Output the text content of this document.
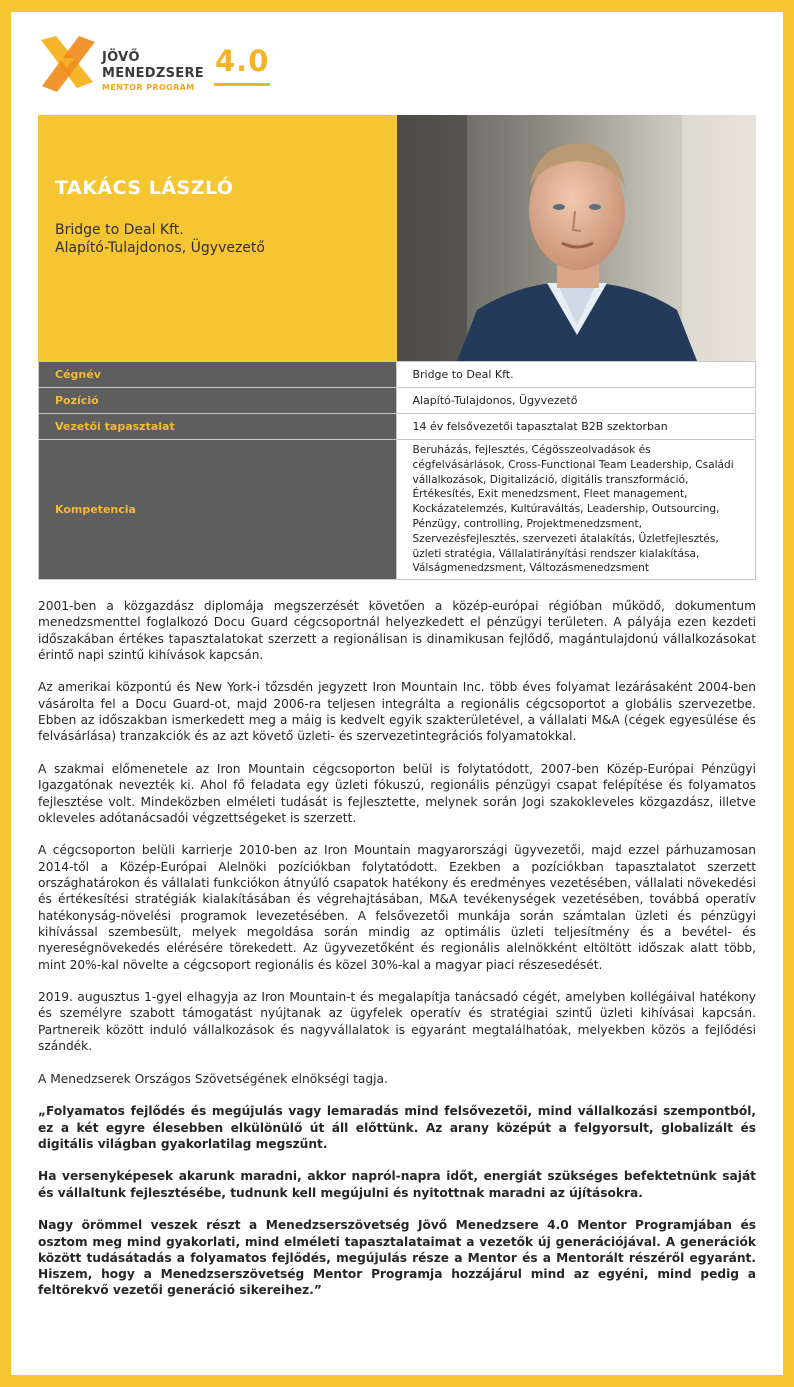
JÖVŐ
MENEDZSERE
MENTOR PROGRAM
4.0
TAKÁCS LÁSZLÓ
Bridge to Deal Kft.
Alapító-Tulajdonos, Ügyvezető
Cégnév	Bridge to Deal Kft.
Pozíció	Alapító-Tulajdonos, Ügyvezető
Vezetői tapasztalat	14 év felsővezetői tapasztalat B2B szektorban
Kompetencia	Beruházás, fejlesztés, Cégösszeolvadások és cégfelvásárlások, Cross-Functional Team Leadership, Családi vállalkozások, Digitalizáció, digitális transzformáció, Értékesítés, Exit menedzsment, Fleet management, Kockázatelemzés, Kultúraváltás, Leadership, Outsourcing, Pénzügy, controlling, Projektmenedzsment, Szervezésfejlesztés, szervezeti átalakítás, Üzletfejlesztés, üzleti stratégia, Vállalatirányítási rendszer kialakítása, Válságmenedzsment, Változásmenedzsment

2001-ben a közgazdász diplomája megszerzését követően a közép-európai régióban működő, dokumentum menedzsmenttel foglalkozó Docu Guard cégcsoportnál helyezkedett el pénzügyi területen. A pályája ezen kezdeti időszakában értékes tapasztalatokat szerzett a regionálisan is dinamikusan fejlődő, magántulajdonú vállalkozásokat érintő napi szintű kihívások kapcsán.

Az amerikai központú és New York-i tőzsdén jegyzett Iron Mountain Inc. több éves folyamat lezárásaként 2004-ben vásárolta fel a Docu Guard-ot, majd 2006-ra teljesen integrálta a regionális cégcsoportot a globális szervezetbe. Ebben az időszakban ismerkedett meg a máig is kedvelt egyik szakterületével, a vállalati M&A (cégek egyesülése és felvásárlása) tranzakciók és az azt követő üzleti- és szervezetintegrációs folyamatokkal.

A szakmai előmenetele az Iron Mountain cégcsoporton belül is folytatódott, 2007-ben Közép-Európai Pénzügyi Igazgatónak nevezték ki. Ahol fő feladata egy üzleti fókuszú, regionális pénzügyi csapat felépítése és folyamatos fejlesztése volt. Mindeközben elméleti tudását is fejlesztette, melynek során Jogi szakokleveles közgazdász, illetve okleveles adótanácsadói végzettségeket is szerzett.

A cégcsoporton belüli karrierje 2010-ben az Iron Mountain magyarországi ügyvezetői, majd ezzel párhuzamosan 2014-től a Közép-Európai Alelnöki pozíciókban folytatódott. Ezekben a pozíciókban tapasztalatot szerzett országhatárokon és vállalati funkciókon átnyúló csapatok hatékony és eredményes vezetésében, vállalati növekedési és értékesítési stratégiák kialakításában és végrehajtásában, M&A tevékenységek vezetésében, továbbá operatív hatékonyság-növelési programok levezetésében. A felsővezetői munkája során számtalan üzleti és pénzügyi kihívással szembesült, melyek megoldása során mindig az optimális üzleti teljesítmény és a bevétel- és nyereségnövekedés elérésére törekedett. Az ügyvezetőként és regionális alelnökként eltöltött időszak alatt több, mint 20%-kal növelte a cégcsoport regionális és közel 30%-kal a magyar piaci részesedését.

2019. augusztus 1-gyel elhagyja az Iron Mountain-t és megalapítja tanácsadó cégét, amelyben kollégáival hatékony és személyre szabott támogatást nyújtanak az ügyfelek operatív és stratégiai szintű üzleti kihívásai kapcsán. Partnereik között induló vállalkozások és nagyvállalatok is egyaránt megtalálhatóak, melyekben közös a fejlődési szándék.

A Menedzserek Országos Szövetségének elnökségi tagja.

„Folyamatos fejlődés és megújulás vagy lemaradás mind felsővezetői, mind vállalkozási szempontból, ez a két egyre élesebben elkülönülő út áll előttünk. Az arany középút a felgyorsult, globalizált és digitális világban gyakorlatilag megszűnt.

Ha versenyképesek akarunk maradni, akkor napról-napra időt, energiát szükséges befektetnünk saját és vállaltunk fejlesztésébe, tudnunk kell megújulni és nyitottnak maradni az újításokra.

Nagy örömmel veszek részt a Menedzserszövetség Jövő Menedzsere 4.0 Mentor Programjában és osztom meg mind gyakorlati, mind elméleti tapasztalataimat a vezetők új generációjával. A generációk között tudásátadás a folyamatos fejlődés, megújulás része a Mentor és a Mentorált részéről egyaránt. Hiszem, hogy a Menedzserszövetség Mentor Programja hozzájárul mind az egyéni, mind pedig a feltörekvő vezetői generáció sikereihez.”
